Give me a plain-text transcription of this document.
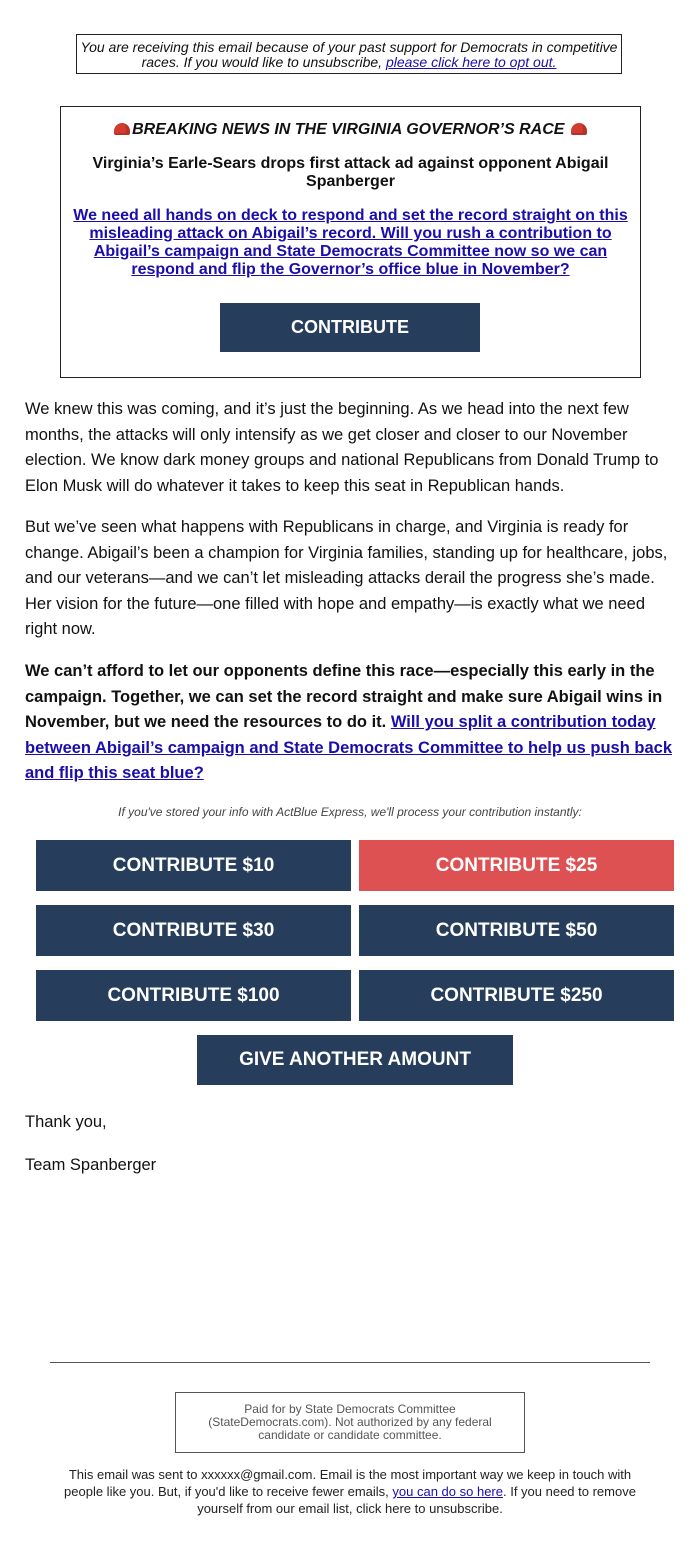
You are receiving this email because of your past support for Democrats in competitive races. If you would like to unsubscribe, please click here to opt out.
BREAKING NEWS IN THE VIRGINIA GOVERNOR’S RACE
Virginia’s Earle-Sears drops first attack ad against opponent Abigail Spanberger
We need all hands on deck to respond and set the record straight on this misleading attack on Abigail’s record. Will you rush a contribution to Abigail’s campaign and State Democrats Committee now so we can respond and flip the Governor’s office blue in November?
CONTRIBUTE

We knew this was coming, and it’s just the beginning. As we head into the next few months, the attacks will only intensify as we get closer and closer to our November election. We know dark money groups and national Republicans from Donald Trump to Elon Musk will do whatever it takes to keep this seat in Republican hands.

But we’ve seen what happens with Republicans in charge, and Virginia is ready for change. Abigail’s been a champion for Virginia families, standing up for healthcare, jobs, and our veterans—and we can’t let misleading attacks derail the progress she’s made. Her vision for the future—one filled with hope and empathy—is exactly what we need right now.

We can’t afford to let our opponents define this race—especially this early in the campaign. Together, we can set the record straight and make sure Abigail wins in November, but we need the resources to do it. Will you split a contribution today between Abigail’s campaign and State Democrats Committee to help us push back and flip this seat blue?

If you've stored your info with ActBlue Express, we'll process your contribution instantly:
CONTRIBUTE $10	CONTRIBUTE $25
CONTRIBUTE $30	CONTRIBUTE $50
CONTRIBUTE $100	CONTRIBUTE $250
GIVE ANOTHER AMOUNT

Thank you,

Team Spanberger

Paid for by State Democrats Committee (StateDemocrats.com). Not authorized by any federal candidate or candidate committee.

This email was sent to xxxxxx@gmail.com. Email is the most important way we keep in touch with people like you. But, if you'd like to receive fewer emails, you can do so here. If you need to remove yourself from our email list, click here to unsubscribe.
